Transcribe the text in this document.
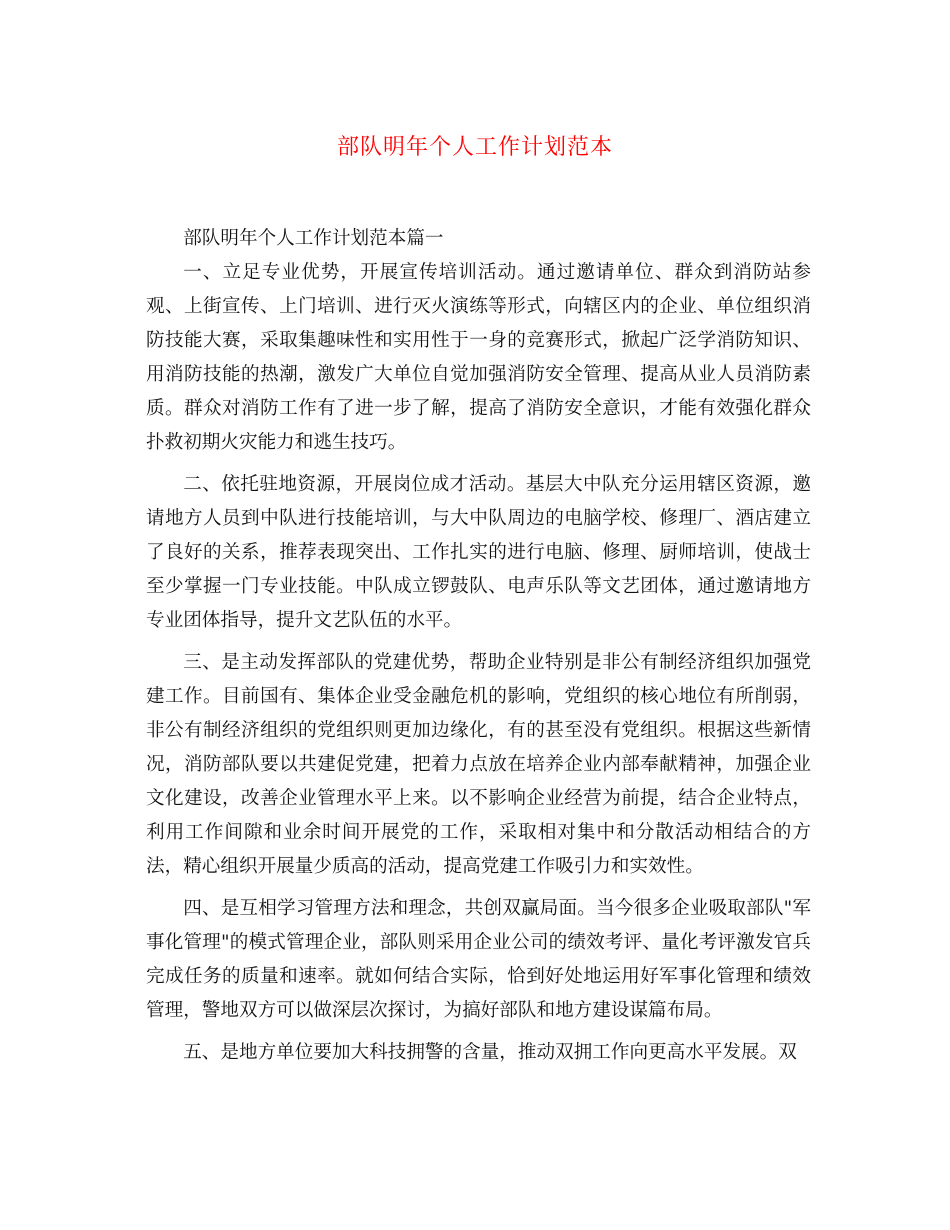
部队明年个人工作计划范本

部队明年个人工作计划范本篇一

一、立足专业优势，开展宣传培训活动。通过邀请单位、群众到消防站参观、上街宣传、上门培训、进行灭火演练等形式，向辖区内的企业、单位组织消防技能大赛，采取集趣味性和实用性于一身的竞赛形式，掀起广泛学消防知识、用消防技能的热潮，激发广大单位自觉加强消防安全管理、提高从业人员消防素质。群众对消防工作有了进一步了解，提高了消防安全意识，才能有效强化群众扑救初期火灾能力和逃生技巧。

二、依托驻地资源，开展岗位成才活动。基层大中队充分运用辖区资源，邀请地方人员到中队进行技能培训，与大中队周边的电脑学校、修理厂、酒店建立了良好的关系，推荐表现突出、工作扎实的进行电脑、修理、厨师培训，使战士至少掌握一门专业技能。中队成立锣鼓队、电声乐队等文艺团体，通过邀请地方专业团体指导，提升文艺队伍的水平。

三、是主动发挥部队的党建优势，帮助企业特别是非公有制经济组织加强党建工作。目前国有、集体企业受金融危机的影响，党组织的核心地位有所削弱，非公有制经济组织的党组织则更加边缘化，有的甚至没有党组织。根据这些新情况，消防部队要以共建促党建，把着力点放在培养企业内部奉献精神，加强企业文化建设，改善企业管理水平上来。以不影响企业经营为前提，结合企业特点，利用工作间隙和业余时间开展党的工作，采取相对集中和分散活动相结合的方法，精心组织开展量少质高的活动，提高党建工作吸引力和实效性。

四、是互相学习管理方法和理念，共创双赢局面。当今很多企业吸取部队"军事化管理"的模式管理企业，部队则采用企业公司的绩效考评、量化考评激发官兵完成任务的质量和速率。就如何结合实际，恰到好处地运用好军事化管理和绩效管理，警地双方可以做深层次探讨，为搞好部队和地方建设谋篇布局。

五、是地方单位要加大科技拥警的含量，推动双拥工作向更高水平发展。双
